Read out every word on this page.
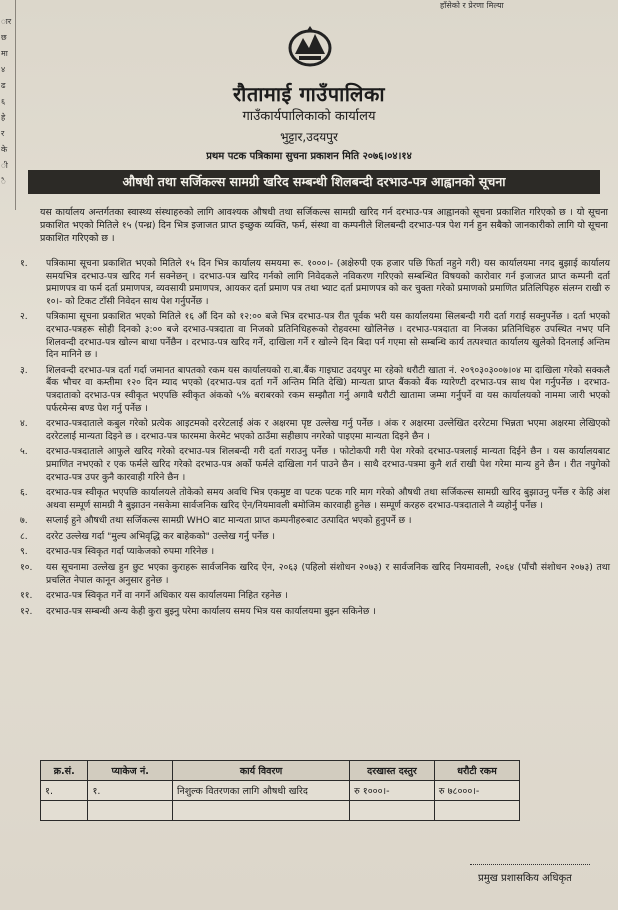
हाँसेको र प्रेरणा मिल्या
ार
छ
मा
४
ढ
६
हे
र
के
ी
ै
रौतामाई गाउँपालिका
गाउँकार्यपालिकाको कार्यालय
भुट्टार,उदयपुर
प्रथम पटक पत्रिकामा सुचना प्रकाशन मिति २०७६।०४।१४
औषधी तथा सर्जिकल्स सामग्री खरिद सम्बन्धी शिलबन्दी दरभाउ-पत्र आह्वानको सूचना
यस कार्यालय अन्तर्गतका स्वास्थ्य संस्थाहरुको लागि आवश्यक औषधी तथा सर्जिकल्स सामग्री खरिद गर्न दरभाउ-पत्र आह्वानको सूचना प्रकाशित गरिएको छ । यो सूचना प्रकाशित भएको मितिले १५ (पन्ध्र) दिन भित्र इजाजत प्राप्त इच्छुक व्यक्ति, फर्म, संस्था वा कम्पनीले शिलबन्दी दरभाउ-पत्र पेश गर्न हुन सबैको जानकारीको लागि यो सूचना प्रकाशित गरिएको छ ।
१.	पत्रिकामा सूचना प्रकाशित भएको मितिले १५ दिन भित्र कार्यालय समयमा रू. १०००।- (अक्षेरुपी एक हजार पछि फिर्ता नहुने गरी) यस कार्यालयमा नगद बुझाई कार्यालय समयभित्र दरभाउ-पत्र खरिद गर्न सक्नेछन् । दरभाउ-पत्र खरिद गर्नको लागि निवेदकले नविकरण गरिएको सम्बन्धित विषयको कारोवार गर्न इजाजत प्राप्त कम्पनी दर्ता प्रमाणपत्र वा फर्म दर्ता प्रमाणपत्र, व्यवसायी प्रमाणपत्र, आयकर दर्ता प्रमाण पत्र तथा भ्याट दर्ता प्रमाणपत्र को कर चुक्ता गरेको प्रमाणको प्रमाणित प्रतिलिपिहरु संलग्न राखी रु १०।- को टिकट टाँसी निवेदन साथ पेश गर्नुपर्नेछ ।
२.	पत्रिकामा सूचना प्रकाशित भएको मितिले १६ औं दिन को १२:०० बजे भित्र दरभाउ-पत्र रीत पूर्वक भरी यस कार्यालयमा सिलबन्दी गरी दर्ता गराई सक्नुपर्नेछ । दर्ता भएको दरभाउ-पत्रहरू सोही दिनको ३:०० बजे दरभाउ-पत्रदाता वा निजको प्रतिनिधिहरूको रोहवरमा खोलिनेछ । दरभाउ-पत्रदाता वा निजका प्रतिनिधिहरु उपस्थित नभए पनि शिलवन्दी दरभाउ-पत्र खोल्न बाधा पर्नेछैन । दरभाउ-पत्र खरिद गर्ने, दाखिला गर्ने र खोल्ने दिन बिदा पर्न गएमा सो सम्बन्धि कार्य तत्पश्चात कार्यालय खुलेको दिनलाई अन्तिम दिन मानिने छ ।
३.	शिलवन्दी दरभाउ-पत्र दर्ता गर्दा जमानत बापतको रकम यस कार्यालयको रा.बा.बैंक गाइघाट उदयपुर मा रहेको धरौटी खाता नं. २०९०३०३००७।०४ मा दाखिला गरेको सक्कलै बैंक भौचर वा कम्तीमा १२० दिन म्याद भएको (दरभाउ-पत्र दर्ता गर्ने अन्तिम मिति देखि) मान्यता प्राप्त बैंकको बैंक ग्यारेण्टी दरभाउ-पत्र साथ पेश गर्नुपर्नेछ । दरभाउ-पत्रदाताको दरभाउ-पत्र स्वीकृत भएपछि स्वीकृत अंकको ५% बराबरको रकम सम्झौता गर्नु अगावै धरौटी खातामा जम्मा गर्नुपर्ने वा यस कार्यालयको नाममा जारी भएको पर्फरमेन्स बण्ड पेश गर्नु पर्नेछ ।
४.	दरभाउ-पत्रदाताले कबुल गरेको प्रत्येक आइटमको दररेटलाई अंक र अक्षरमा पृष्ट उल्लेख गर्नु पर्नेछ । अंक र अक्षरमा उल्लेखित दररेटमा भिन्नता भएमा अक्षरमा लेखिएको दररेटलाई मान्यता दिइने छ । दरभाउ-पत्र फारममा केरमेट भएको ठाउँमा सहीछाप नगरेको पाइएमा मान्यता दिइने छैन ।
५.	दरभाउ-पत्रदाताले आफुले खरिद गरेको दरभाउ-पत्र शिलबन्दी गरी दर्ता गराउनु पर्नेछ । फोटोकपी गरी पेश गरेको दरभाउ-पत्रलाई मान्यता दिईने छैन । यस कार्यालयबाट प्रमाणित नभएको र एक फर्मले खरिद गरेको दरभाउ-पत्र अर्को फर्मले दाखिला गर्न पाउने छैन । साथै दरभाउ-पत्रमा कुनै शर्त राखी पेश गरेमा मान्य हुने छैन । रीत नपुगेको दरभाउ-पत्र उपर कुनै कारवाही गरिने छैन ।
६.	दरभाउ-पत्र स्वीकृत भएपछि कार्यालयले तोकेको समय अवधि भित्र एकमुष्ट वा पटक पटक गरि माग गरेको औषधी तथा सर्जिकल्स सामग्री खरिद बुझाउनु पर्नेछ र केहि अंश अथवा सम्पूर्ण सामग्री नै बुझाउन नसकेमा सार्वजनिक खरिद ऐन/नियमावली बमोजिम कारवाही हुनेछ । सम्पूर्ण करहरु दरभाउ-पत्रदाताले नै व्यहोर्नु पर्नेछ ।
७.	सप्लाई हुने औषधी तथा सर्जिकल्स सामग्री WHO बाट मान्यता प्राप्त कम्पनीहरुबाट उत्पादित भएको हुनुपर्ने छ ।
८.	दररेट उल्लेख गर्दा "मुल्य अभिवृद्धि कर बाहेकको" उल्लेख गर्नु पर्नेछ ।
९.	दरभाउ-पत्र स्विकृत गर्दा प्याकेजको रुपमा गरिनेछ ।
१०.	यस सूचनामा उल्लेख हुन छुट भएका कुराहरू सार्वजनिक खरिद ऐन, २०६३ (पहिलो संशोधन २०७३) र सार्वजनिक खरिद नियमावली, २०६४ (पाँचौ संशोधन २०७३) तथा प्रचलित नेपाल कानून अनुसार हुनेछ ।
११.	दरभाउ-पत्र स्विकृत गर्ने वा नगर्ने अधिकार यस कार्यालयमा निहित रहनेछ ।
१२.	दरभाउ-पत्र सम्बन्धी अन्य केही कुरा बुझ्नु परेमा कार्यालय समय भित्र यस कार्यालयमा बुझ्न सकिनेछ ।
क्र.सं.	प्याकेज नं.	कार्य विवरण	दरखास्त दस्तुर	धरौटी रकम
१.	१.	निशुल्क वितरणका लागि औषधी खरिद	रु १०००।-	रु ७८०००।-

प्रमुख प्रशासकिय अधिकृत
